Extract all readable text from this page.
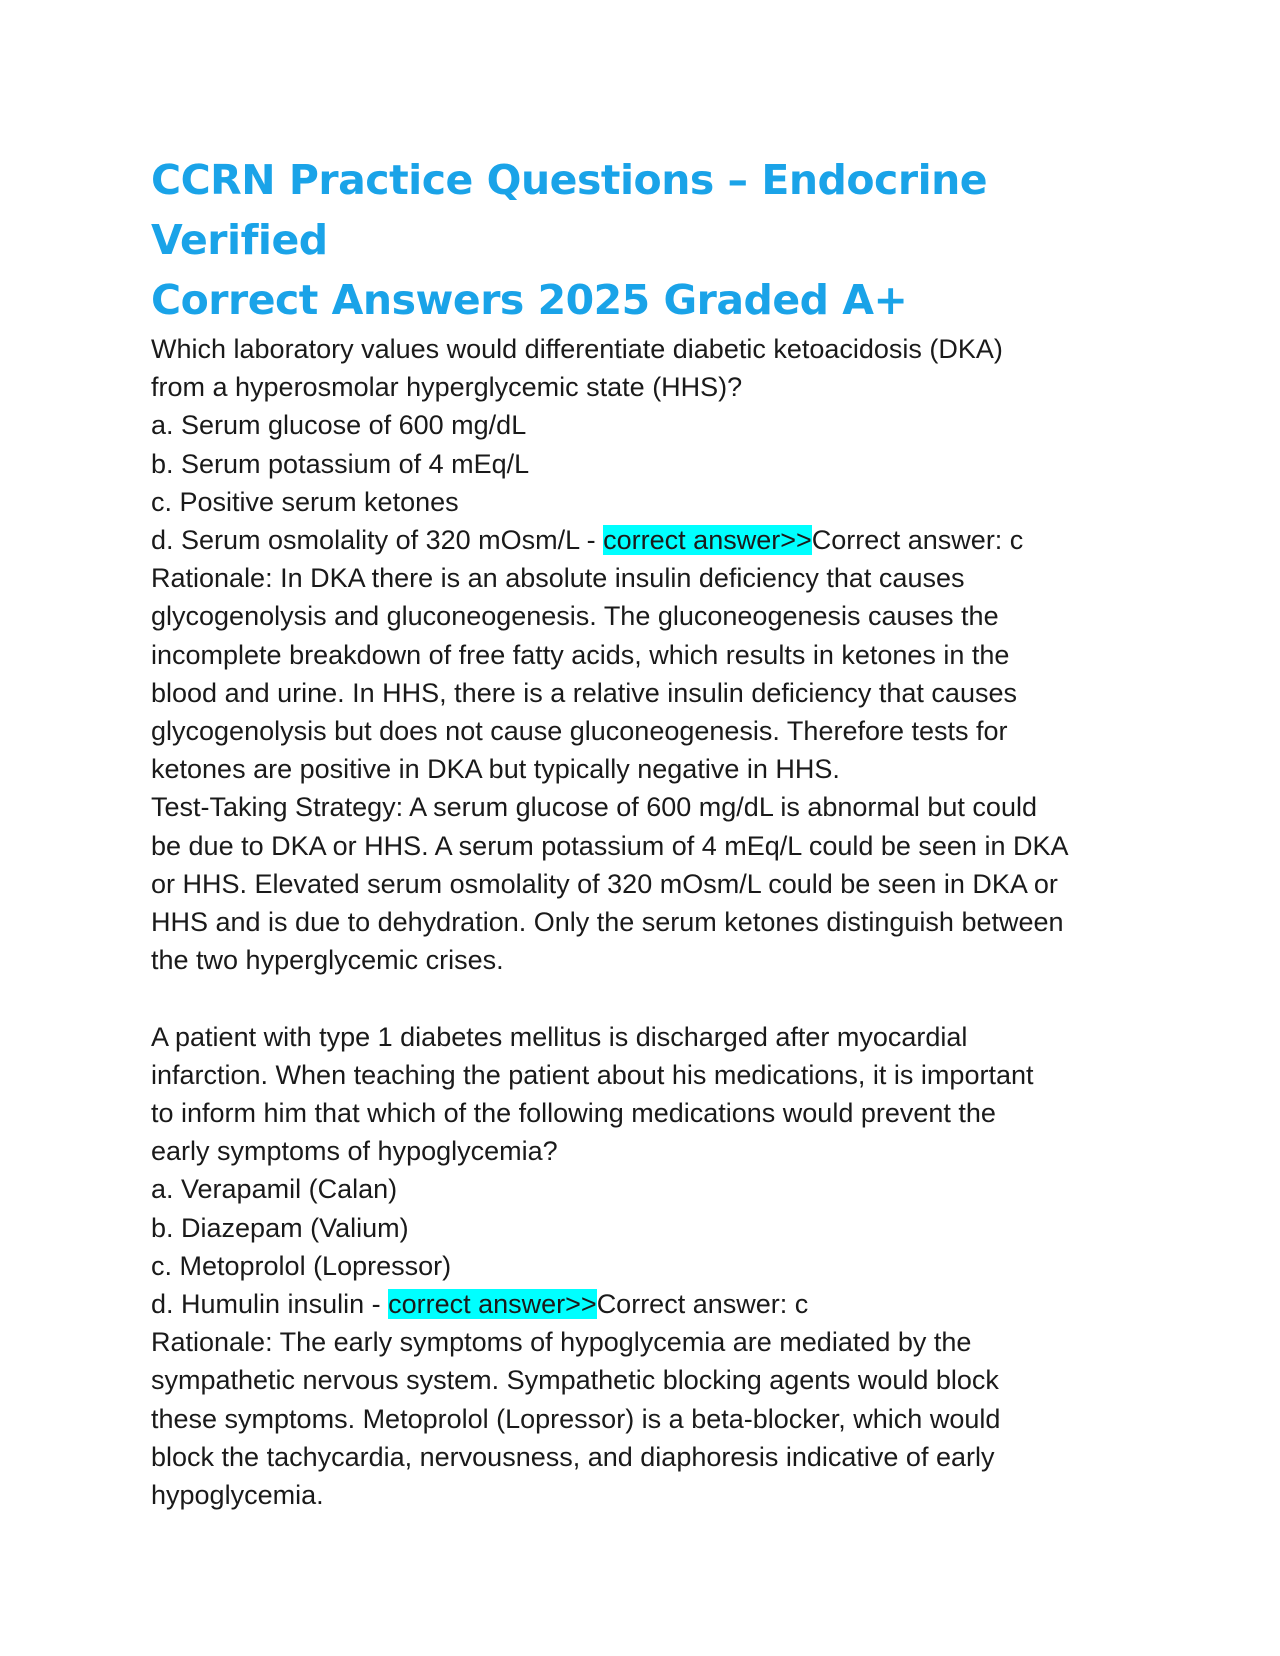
CCRN Practice Questions – Endocrine Verified
Correct Answers 2025 Graded A+
Which laboratory values would differentiate diabetic ketoacidosis (DKA)
from a hyperosmolar hyperglycemic state (HHS)?
a. Serum glucose of 600 mg/dL
b. Serum potassium of 4 mEq/L
c. Positive serum ketones
d. Serum osmolality of 320 mOsm/L - correct answer>>Correct answer: c
Rationale: In DKA there is an absolute insulin deficiency that causes
glycogenolysis and gluconeogenesis. The gluconeogenesis causes the
incomplete breakdown of free fatty acids, which results in ketones in the
blood and urine. In HHS, there is a relative insulin deficiency that causes
glycogenolysis but does not cause gluconeogenesis. Therefore tests for
ketones are positive in DKA but typically negative in HHS.
Test-Taking Strategy: A serum glucose of 600 mg/dL is abnormal but could
be due to DKA or HHS. A serum potassium of 4 mEq/L could be seen in DKA
or HHS. Elevated serum osmolality of 320 mOsm/L could be seen in DKA or
HHS and is due to dehydration. Only the serum ketones distinguish between
the two hyperglycemic crises.
A patient with type 1 diabetes mellitus is discharged after myocardial
infarction. When teaching the patient about his medications, it is important
to inform him that which of the following medications would prevent the
early symptoms of hypoglycemia?
a. Verapamil (Calan)
b. Diazepam (Valium)
c. Metoprolol (Lopressor)
d. Humulin insulin - correct answer>>Correct answer: c
Rationale: The early symptoms of hypoglycemia are mediated by the
sympathetic nervous system. Sympathetic blocking agents would block
these symptoms. Metoprolol (Lopressor) is a beta-blocker, which would
block the tachycardia, nervousness, and diaphoresis indicative of early
hypoglycemia.
